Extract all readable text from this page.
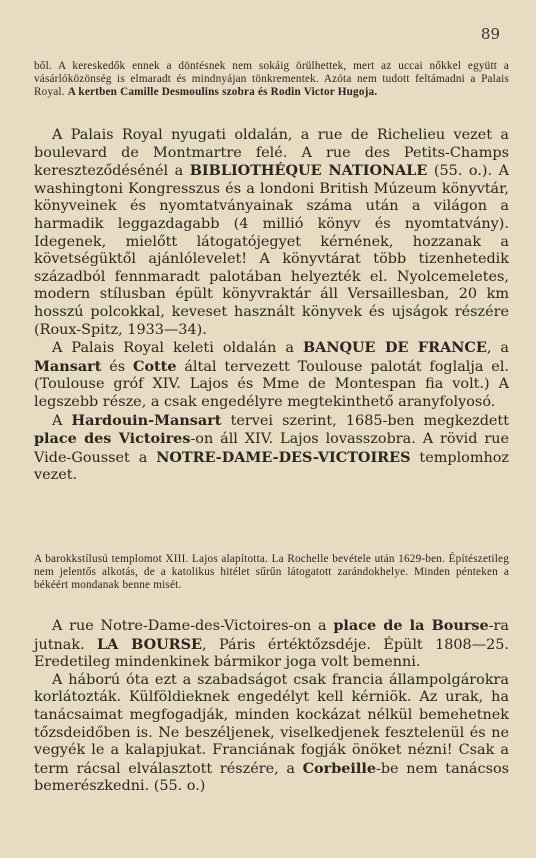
89

ből. A kereskedők ennek a döntésnek nem sokáig örülhettek, mert az uccai nőkkel együtt a vásárlóközönség is elmaradt és mindnyájan tönkrementek. Azóta nem tudott feltámadni a Palais Royal. A kertben Camille Desmoulins szobra és Rodin Victor Hugoja.

A Palais Royal nyugati oldalán, a rue de Richelieu vezet a boulevard de Montmartre felé. A rue des Petits-Champs kereszteződésénél a BIBLIOTHÉQUE NATIONALE (55. o.). A washingtoni Kongresszus és a londoni British Múzeum könyvtár, könyveinek és nyomtatványainak száma után a világon a harmadik leggazdagabb (4 millió könyv és nyomtatvány). Idegenek, mielőtt látogatójegyet kérnének, hozzanak a követségüktől ajánlólevelet! A könyvtárat több tizenhetedik századból fennmaradt palotában helyezték el. Nyolcemeletes, modern stílusban épült könyvraktár áll Versaillesban, 20 km hosszú polcokkal, keveset használt könyvek és ujságok részére (Roux-Spitz, 1933—34).

A Palais Royal keleti oldalán a BANQUE DE FRANCE, a Mansart és Cotte által tervezett Toulouse palotát foglalja el. (Toulouse gróf XIV. Lajos és Mme de Montespan fia volt.) A legszebb része, a csak engedélyre megtekinthető aranyfolyosó.

A Hardouin-Mansart tervei szerint, 1685-ben megkezdett place des Victoires-on áll XIV. Lajos lovasszobra. A rövid rue Vide-Gousset a NOTRE-DAME-DES-VICTOIRES templomhoz vezet.

A barokkstílusú templomot XIII. Lajos alapította. La Rochelle bevétele után 1629-ben. Építészetileg nem jelentős alkotás, de a katolikus hitélet sűrűn látogatott zarándokhelye. Minden pénteken a békéért mondanak benne misét.

A rue Notre-Dame-des-Victoires-on a place de la Bourse-ra jutnak. LA BOURSE, Páris értéktőzsdéje. Épült 1808—25. Eredetileg mindenkinek bármikor joga volt bemenni.

A háború óta ezt a szabadságot csak francia állampolgárokra korlátozták. Külföldieknek engedélyt kell kérniök. Az urak, ha tanácsaimat megfogadják, minden kockázat nélkül bemehetnek tőzsdeidőben is. Ne beszéljenek, viselkedjenek fesztelenül és ne vegyék le a kalapjukat. Franciának fogják önöket nézni! Csak a term rácsal elválasztott részére, a Corbeille-be nem tanácsos bemerészkedni. (55. o.)
